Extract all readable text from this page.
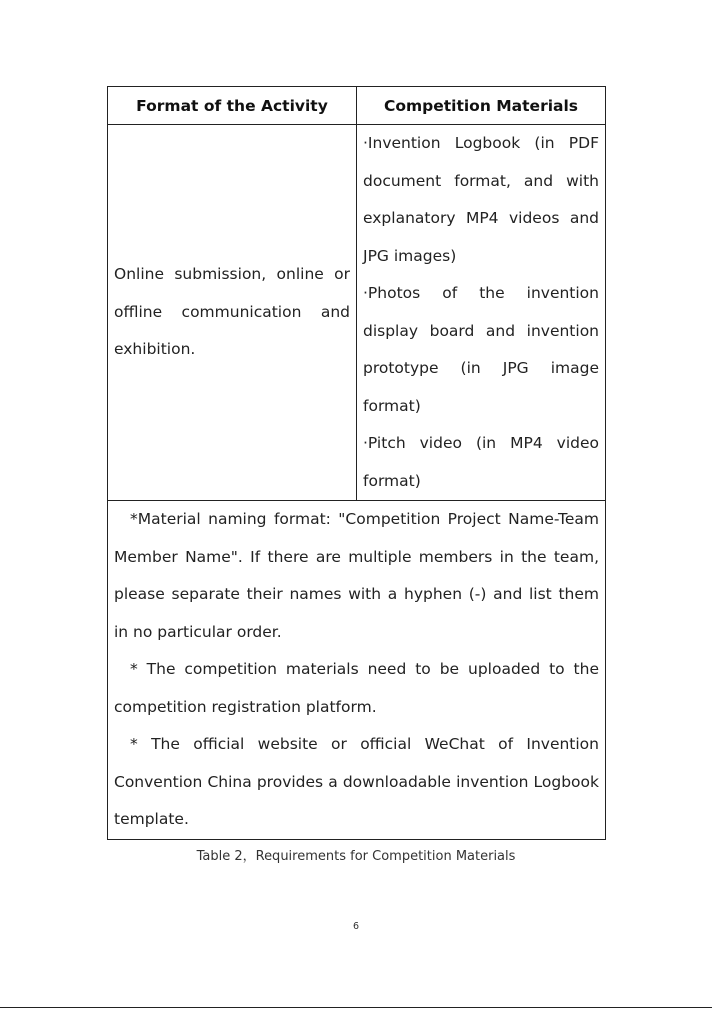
Format of the Activity	Competition Materials

Online submission, online or offline communication and exhibition.	·Invention Logbook (in PDF document format, and with explanatory MP4 videos and JPG images)
·Photos of the invention display board and invention prototype (in JPG image format)
·Pitch video (in MP4 video format)

*Material naming format: "Competition Project Name-Team Member Name". If there are multiple members in the team, please separate their names with a hyphen (-) and list them in no particular order.
* The competition materials need to be uploaded to the competition registration platform.
* The official website or official WeChat of Invention Convention China provides a downloadable invention Logbook template.	
Table 2，Requirements for Competition Materials
6
